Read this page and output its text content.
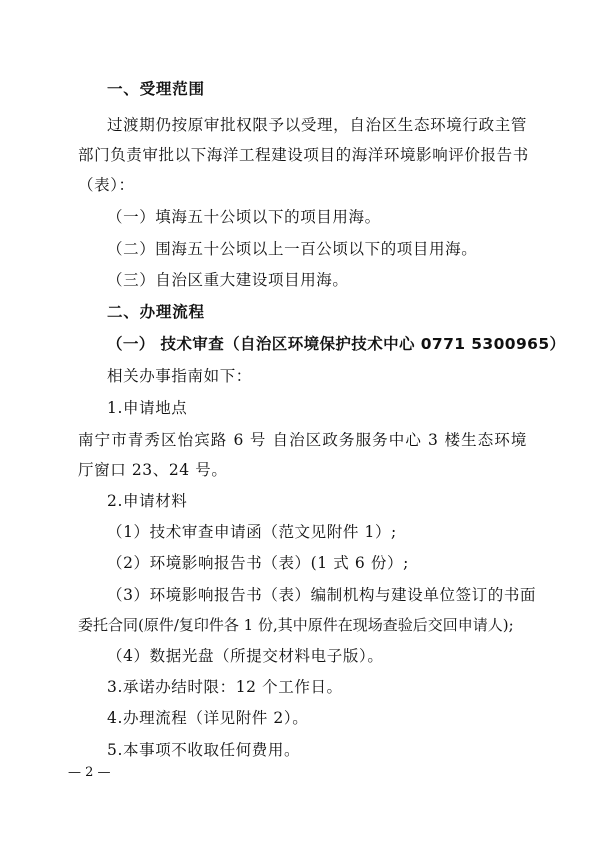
一、受理范围
过渡期仍按原审批权限予以受理，自治区生态环境行政主管
部门负责审批以下海洋工程建设项目的海洋环境影响评价报告书
（表）：
（一）填海五十公顷以下的项目用海。
（二）围海五十公顷以上一百公顷以下的项目用海。
（三）自治区重大建设项目用海。
二、办理流程
（一） 技术审查（自治区环境保护技术中心 0771 5300965）
相关办事指南如下：
1.申请地点
南宁市青秀区怡宾路 6 号 自治区政务服务中心 3 楼生态环境
厅窗口 23、24 号。
2.申请材料
（1）技术审查申请函（范文见附件 1）;
（2）环境影响报告书（表）(1 式 6 份）;
（3）环境影响报告书（表）编制机构与建设单位签订的书面
委托合同(原件/复印件各 1 份,其中原件在现场查验后交回申请人);
（4）数据光盘（所提交材料电子版）。
3.承诺办结时限：12 个工作日。
4.办理流程（详见附件 2）。
5.本事项不收取任何费用。
— 2 —
